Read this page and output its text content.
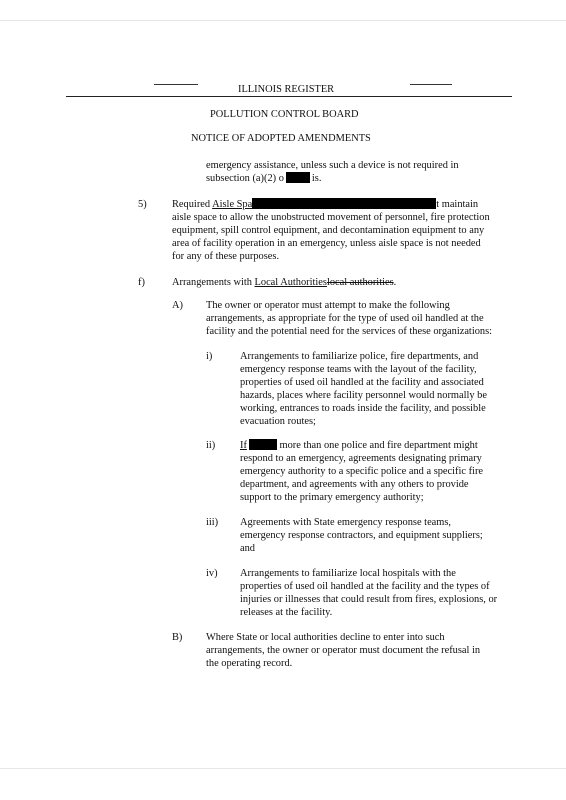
ILLINOIS REGISTER
POLLUTION CONTROL BOARD
NOTICE OF ADOPTED AMENDMENTS
emergency assistance, unless such a device is not required in
subsection (a)(2) o	is.
5) Required Aisle Spa	t maintain
aisle space to allow the unobstructed movement of personnel, fire protection
equipment, spill control equipment, and decontamination equipment to any
area of facility operation in an emergency, unless aisle space is not needed
for any of these purposes.
f)	Arrangements with Local Authoritieslocal authorities.
A) The owner or operator must attempt to make the following
arrangements, as appropriate for the type of used oil handled at the
facility and the potential need for the services of these organizations:
i)	Arrangements to familiarize police, fire departments, and
emergency response teams with the layout of the facility,
properties of used oil handled at the facility and associated
hazards, places where facility personnel would normally be
working, entrances to roads inside the facility, and possible
evacuation routes;
ii) If	more than one police and fire department might
respond to an emergency, agreements designating primary
emergency authority to a specific police and a specific fire
department, and agreements with any others to provide
support to the primary emergency authority;
iii) Agreements with State emergency response teams,
emergency response contractors, and equipment suppliers;
and
iv) Arrangements to familiarize local hospitals with the
properties of used oil handled at the facility and the types of
injuries or illnesses that could result from fires, explosions, or
releases at the facility.
B) Where State or local authorities decline to enter into such
arrangements, the owner or operator must document the refusal in
the operating record.
